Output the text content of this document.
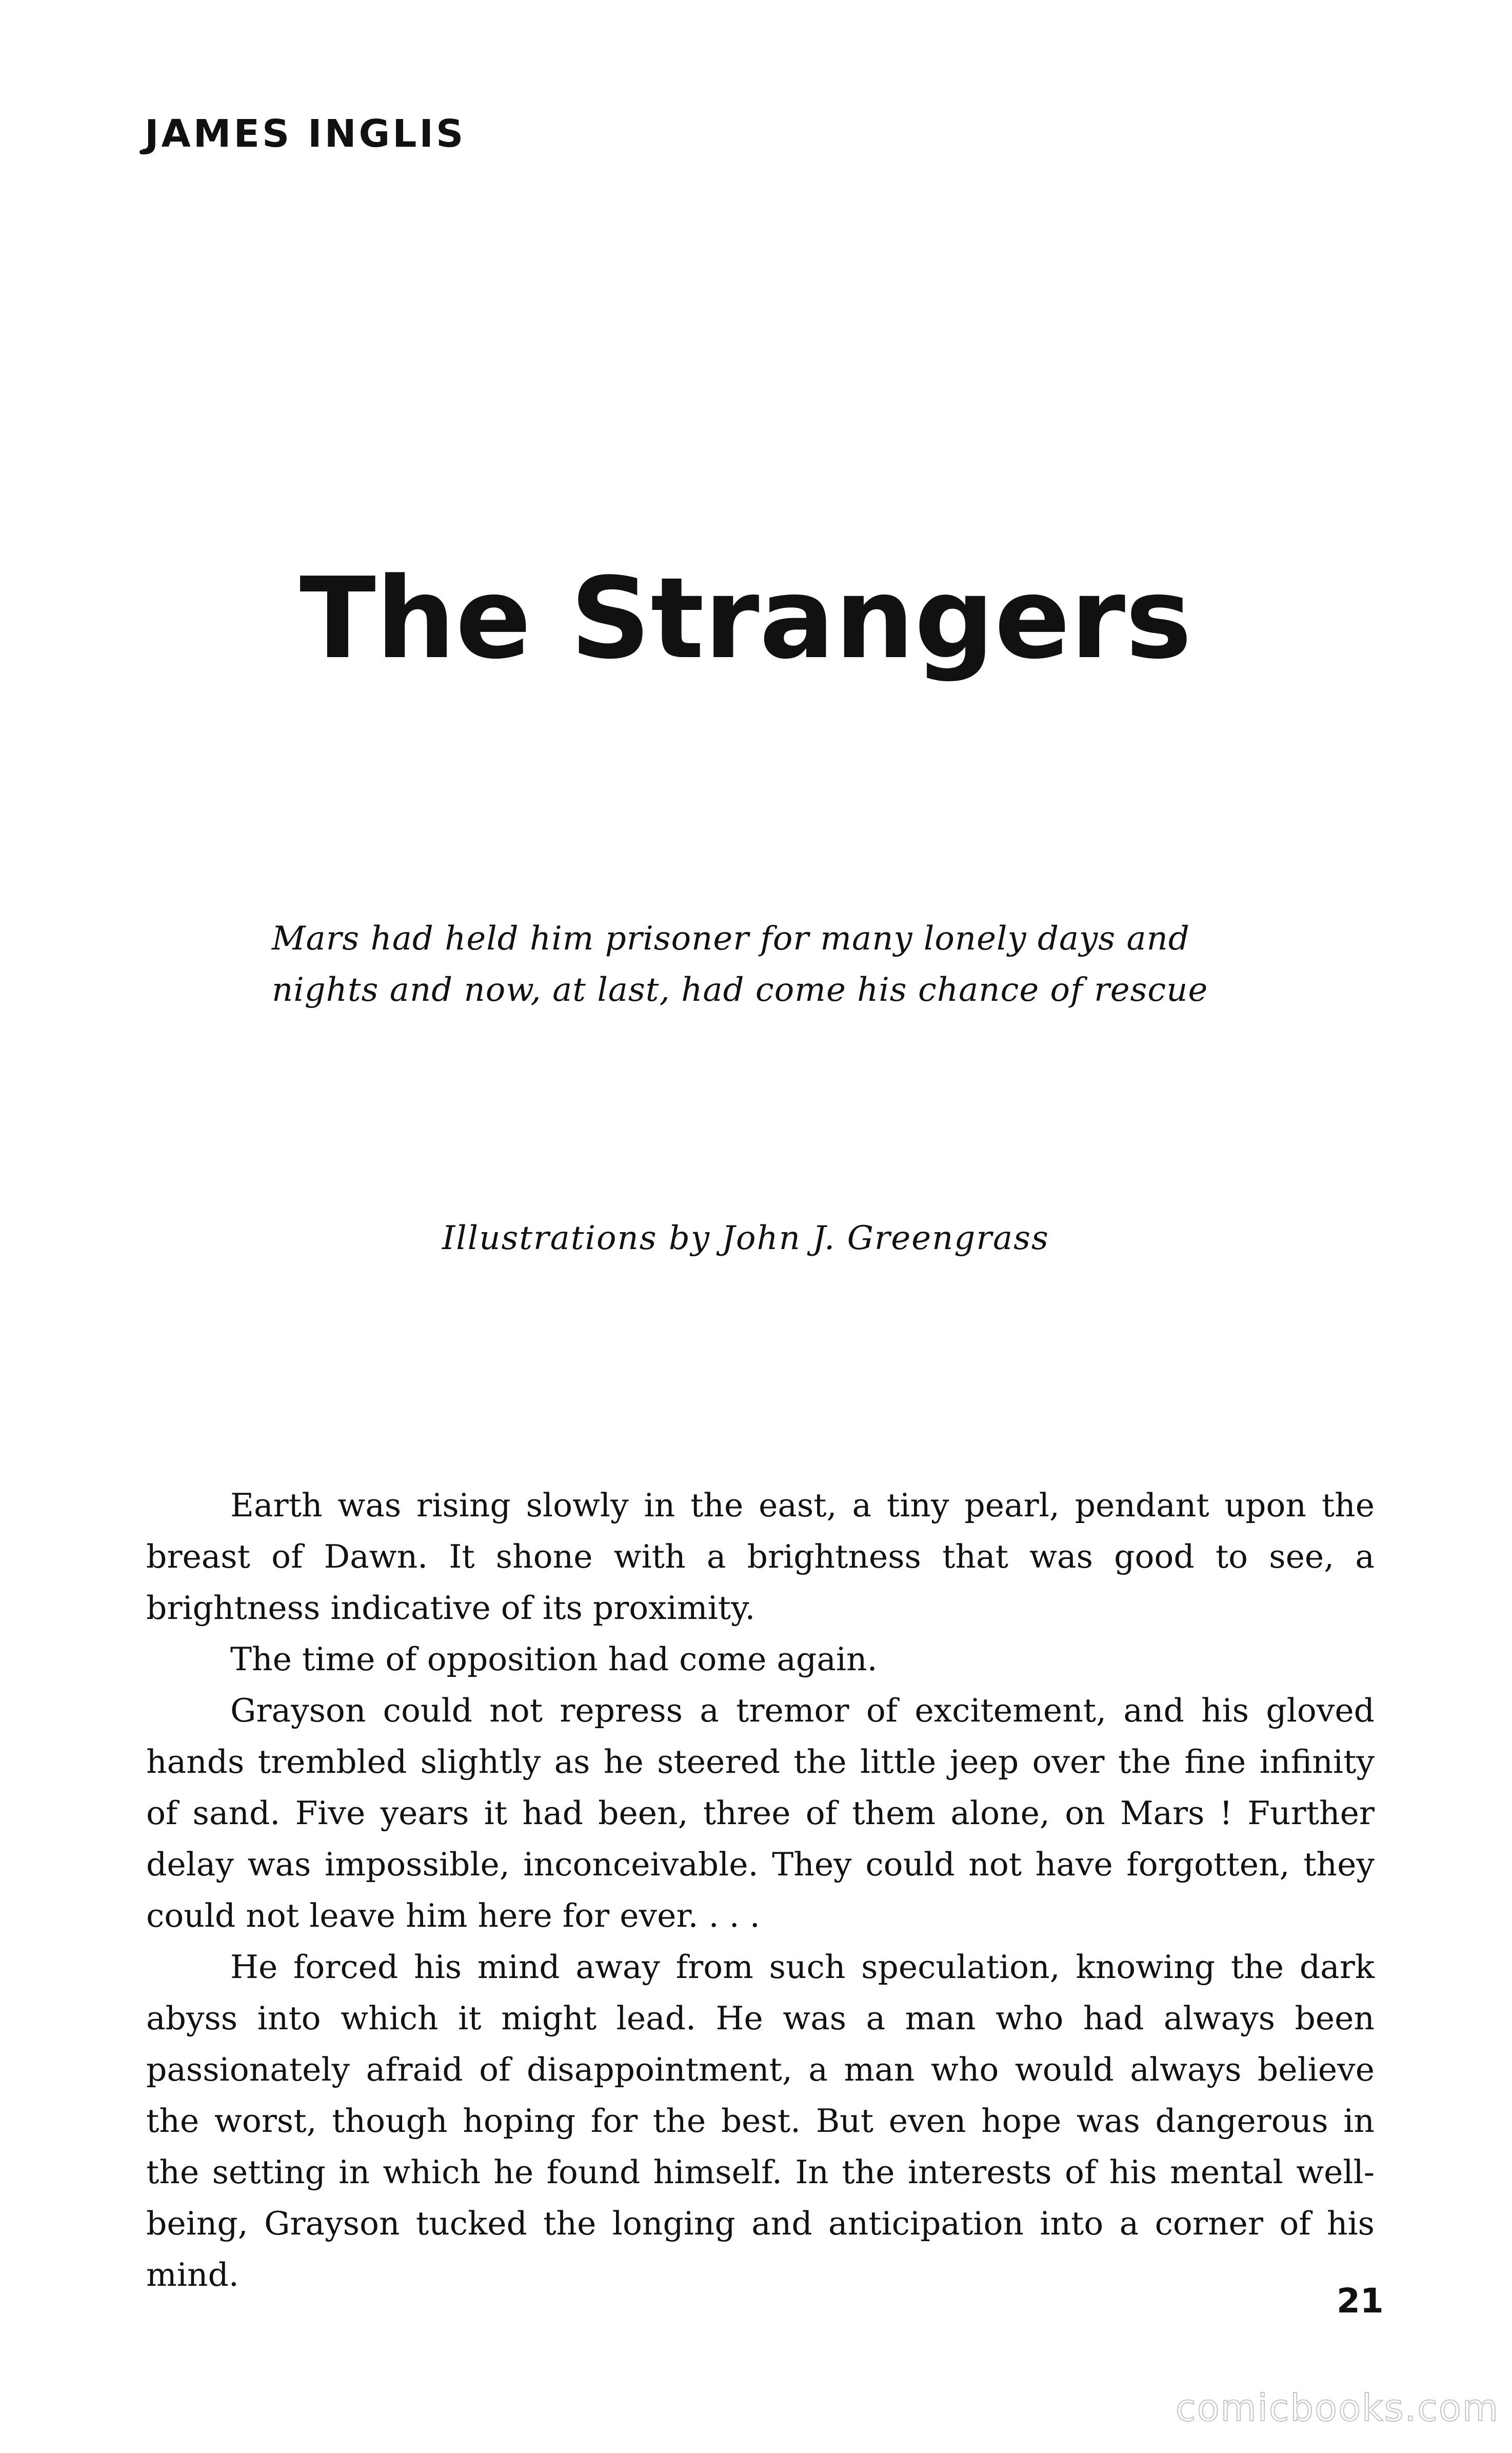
JAMES INGLIS
The Strangers
Mars had held him prisoner for many lonely days and
nights and now, at last, had come his chance of rescue
Illustrations by John J. Greengrass

Earth was rising slowly in the east, a tiny pearl, pendant upon the breast of Dawn. It shone with a brightness that was good to see, a brightness indicative of its proximity.

The time of opposition had come again.

Grayson could not repress a tremor of excitement, and his gloved hands trembled slightly as he steered the little jeep over the fine infinity of sand. Five years it had been, three of them alone, on Mars ! Further delay was impossible, inconceivable. They could not have forgotten, they could not leave him here for ever. . . .

He forced his mind away from such speculation, knowing the dark abyss into which it might lead. He was a man who had always been passionately afraid of disappointment, a man who would always believe the worst, though hoping for the best. But even hope was dangerous in the setting in which he found himself. In the interests of his mental well-being, Grayson tucked the longing and anticipation into a corner of his mind.

21
comicbooks.com
